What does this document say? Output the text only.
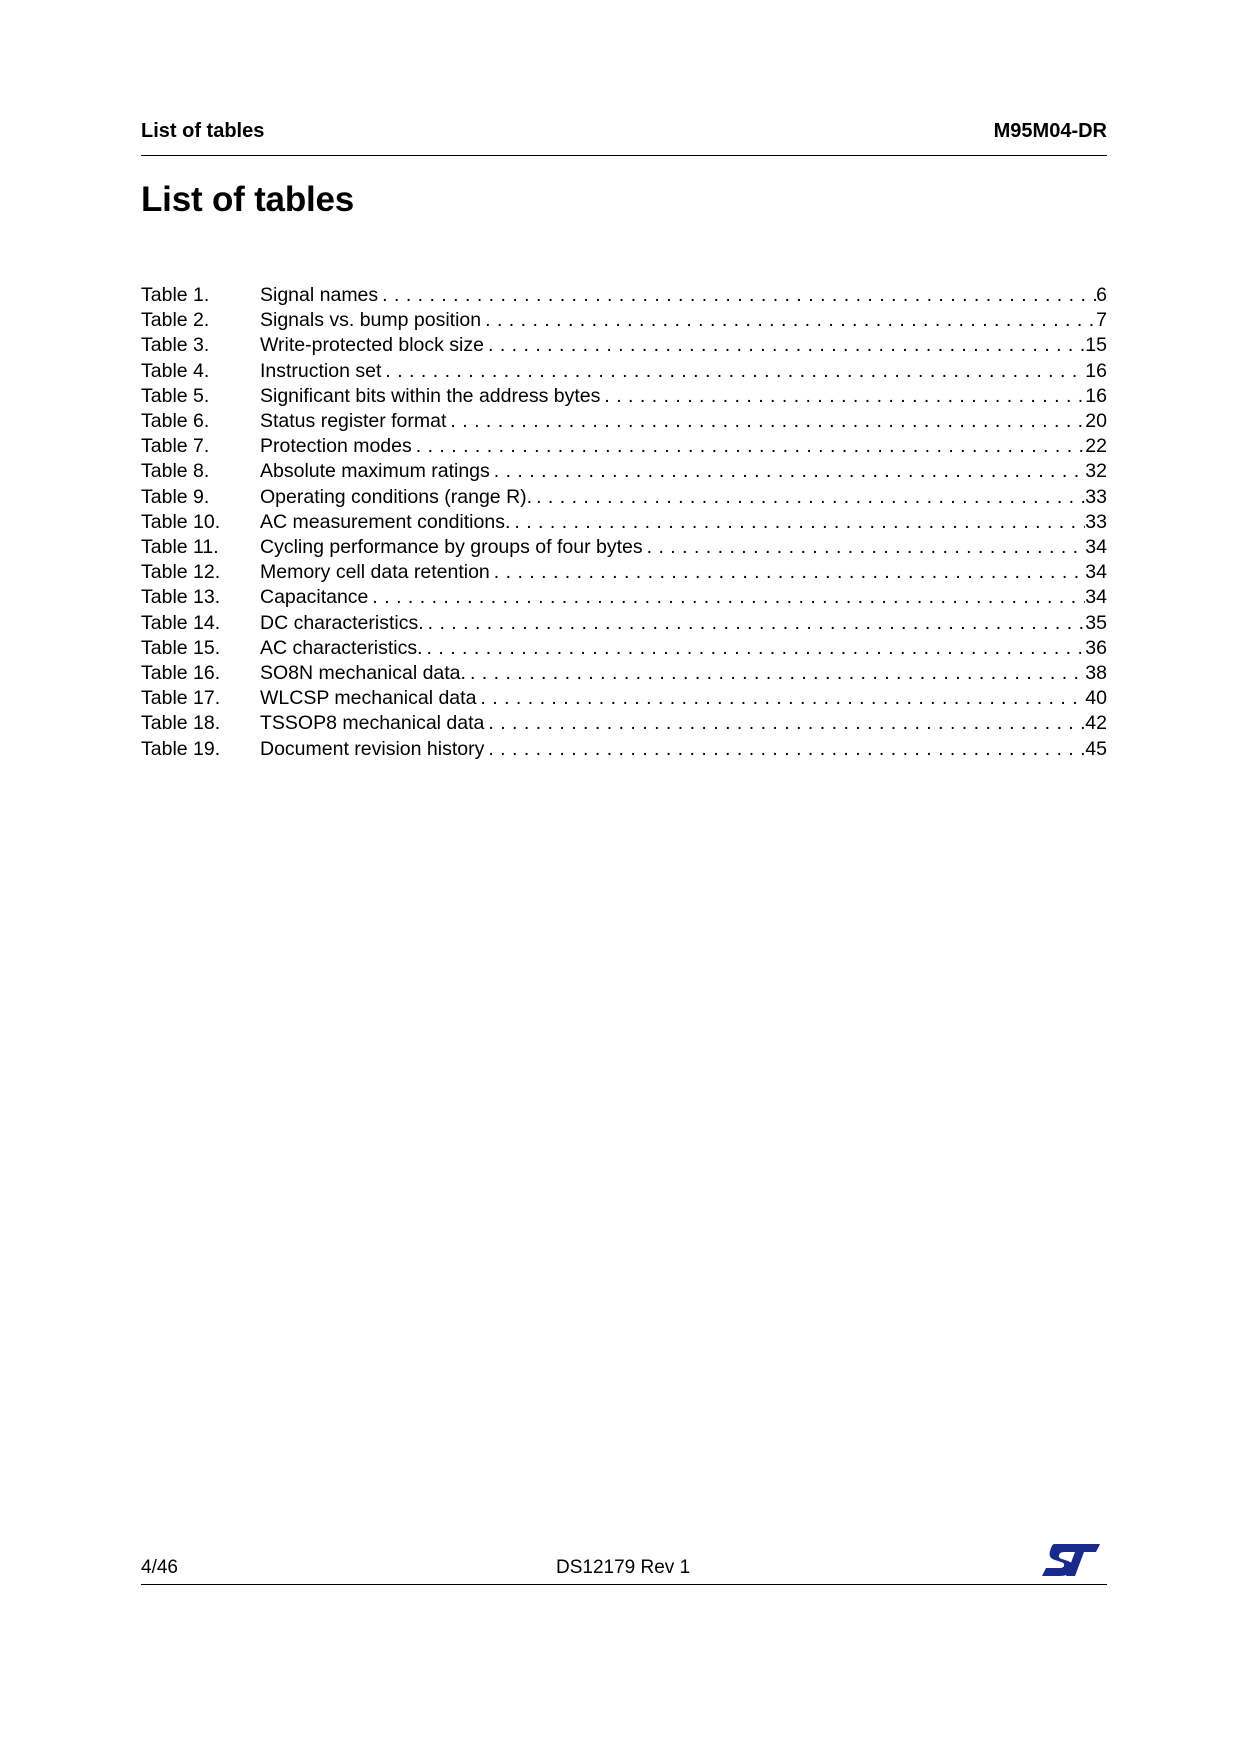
List of tables	M95M04-DR
List of tables
Table 1.	Signal names . . .	6
Table 2.	Signals vs. bump position . . .	7
Table 3.	Write-protected block size . . .	15
Table 4.	Instruction set . . .	16
Table 5.	Significant bits within the address bytes . . .	16
Table 6.	Status register format . . .	20
Table 7.	Protection modes . . .	22
Table 8.	Absolute maximum ratings . . .	32
Table 9.	Operating conditions (range R). . . .	33
Table 10.	AC measurement conditions. . . .	33
Table 11.	Cycling performance by groups of four bytes . . .	34
Table 12.	Memory cell data retention . . .	34
Table 13.	Capacitance . . .	34
Table 14.	DC characteristics. . . .	35
Table 15.	AC characteristics. . . .	36
Table 16.	SO8N mechanical data. . . .	38
Table 17.	WLCSP mechanical data . . .	40
Table 18.	TSSOP8 mechanical data . . .	42
Table 19.	Document revision history . . .	45
4/46	DS12179 Rev 1
